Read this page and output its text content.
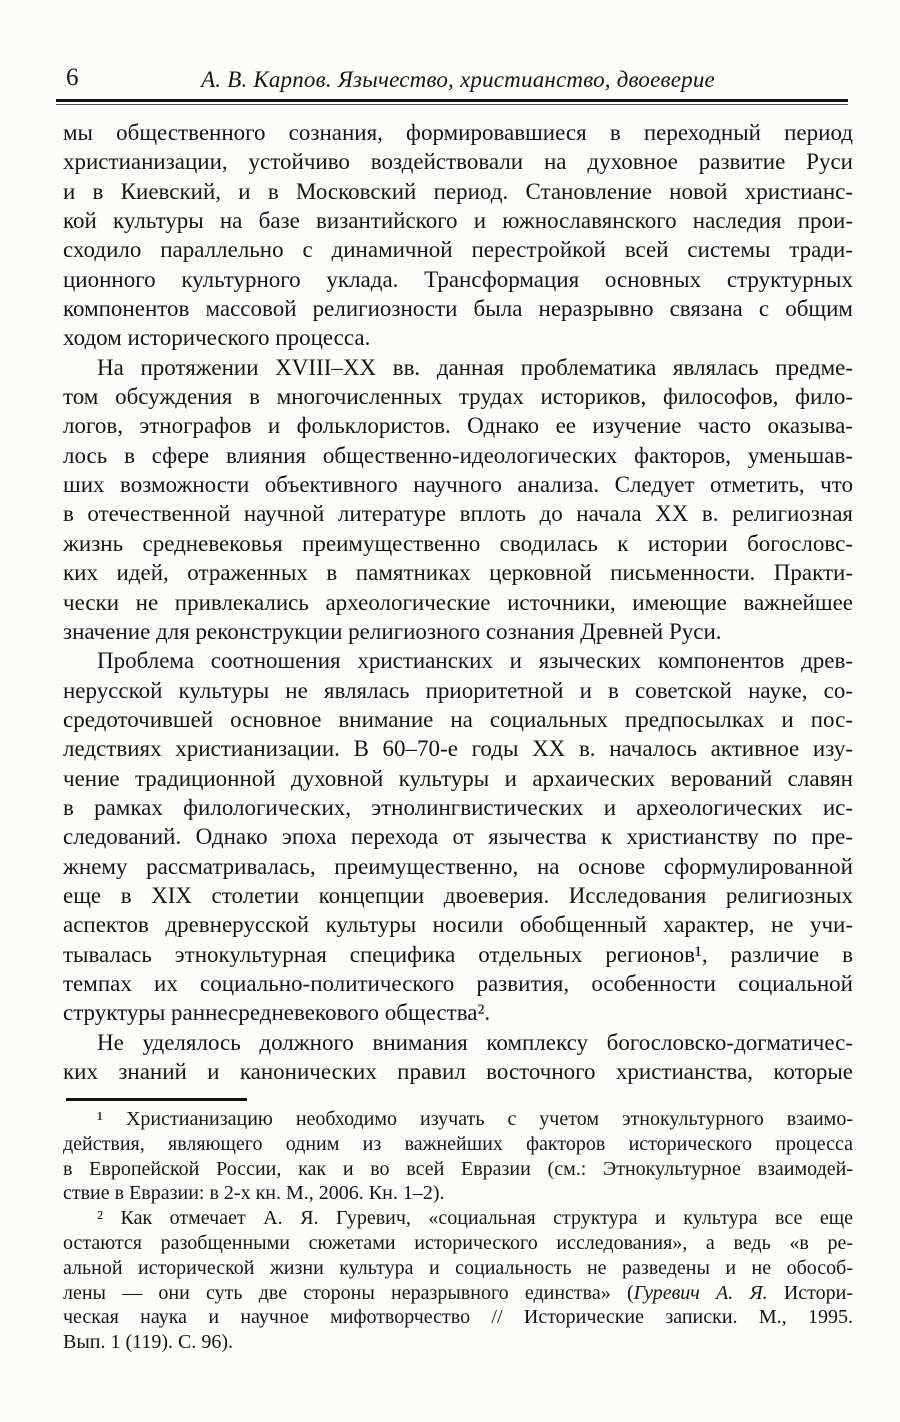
6	А. В. Карпов. Язычество, христианство, двоеверие
мы общественного сознания, формировавшиеся в переходный период
христианизации, устойчиво воздействовали на духовное развитие Руси
и в Киевский, и в Московский период. Становление новой христианс-
кой культуры на базе византийского и южнославянского наследия прои-
сходило параллельно с динамичной перестройкой всей системы тради-
ционного культурного уклада. Трансформация основных структурных
компонентов массовой религиозности была неразрывно связана с общим
ходом исторического процесса.
На протяжении XVIII–XX вв. данная проблематика являлась предме-
том обсуждения в многочисленных трудах историков, философов, фило-
логов, этнографов и фольклористов. Однако ее изучение часто оказыва-
лось в сфере влияния общественно-идеологических факторов, уменьшав-
ших возможности объективного научного анализа. Следует отметить, что
в отечественной научной литературе вплоть до начала XX в. религиозная
жизнь средневековья преимущественно сводилась к истории богословс-
ких идей, отраженных в памятниках церковной письменности. Практи-
чески не привлекались археологические источники, имеющие важнейшее
значение для реконструкции религиозного сознания Древней Руси.
Проблема соотношения христианских и языческих компонентов древ-
нерусской культуры не являлась приоритетной и в советской науке, со-
средоточившей основное внимание на социальных предпосылках и пос-
ледствиях христианизации. В 60–70-е годы XX в. началось активное изу-
чение традиционной духовной культуры и архаических верований славян
в рамках филологических, этнолингвистических и археологических ис-
следований. Однако эпоха перехода от язычества к христианству по пре-
жнему рассматривалась, преимущественно, на основе сформулированной
еще в XIX столетии концепции двоеверия. Исследования религиозных
аспектов древнерусской культуры носили обобщенный характер, не учи-
тывалась этнокультурная специфика отдельных регионов¹, различие в
темпах их социально-политического развития, особенности социальной
структуры раннесредневекового общества².
Не уделялось должного внимания комплексу богословско-догматичес-
ких знаний и канонических правил восточного христианства, которые
¹ Христианизацию необходимо изучать с учетом этнокультурного взаимо-
действия, являющего одним из важнейших факторов исторического процесса
в Европейской России, как и во всей Евразии (см.: Этнокультурное взаимодей-
ствие в Евразии: в 2-х кн. М., 2006. Кн. 1–2).
² Как отмечает А. Я. Гуревич, «социальная структура и культура все еще
остаются разобщенными сюжетами исторического исследования», а ведь «в ре-
альной исторической жизни культура и социальность не разведены и не обособ-
лены — они суть две стороны неразрывного единства» (Гуревич А. Я. Истори-
ческая наука и научное мифотворчество // Исторические записки. М., 1995.
Вып. 1 (119). С. 96).
